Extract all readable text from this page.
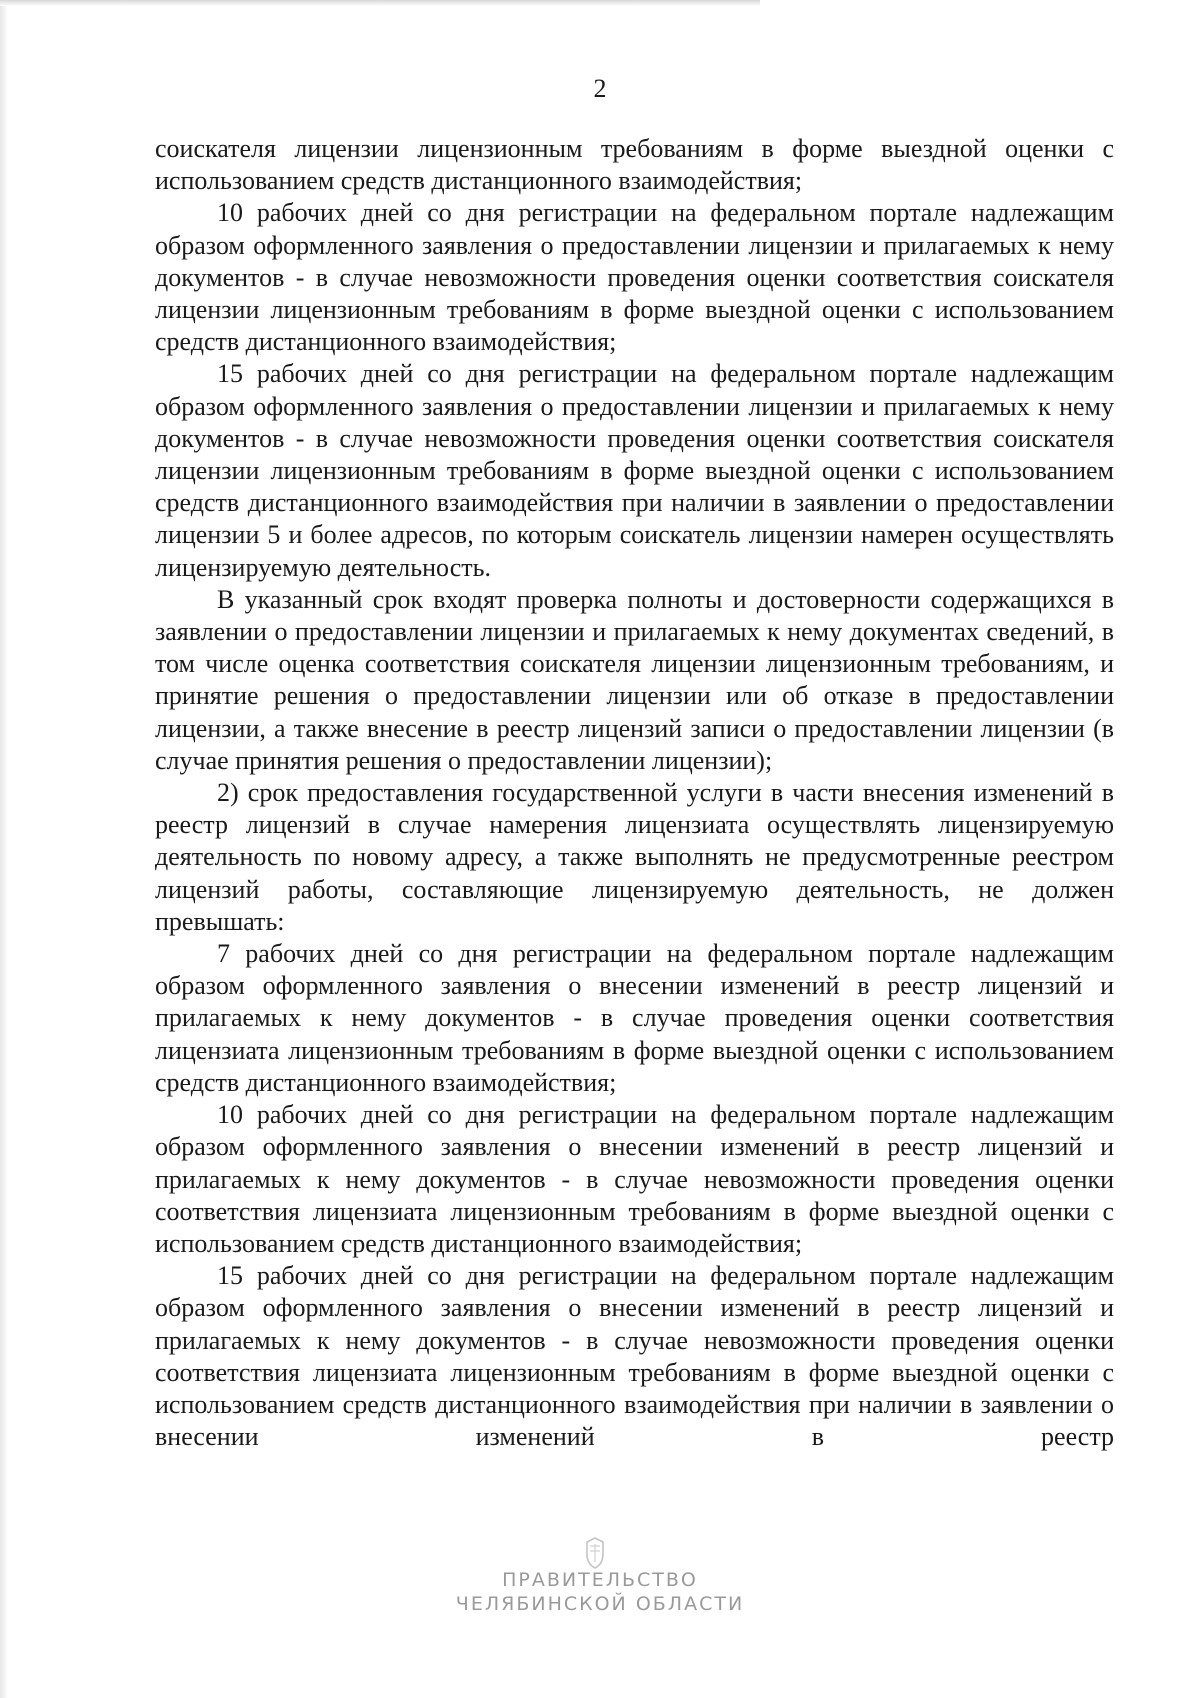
2

соискателя лицензии лицензионным требованиям в форме выездной оценки с использованием средств дистанционного взаимодействия;

10 рабочих дней со дня регистрации на федеральном портале надлежащим образом оформленного заявления о предоставлении лицензии и прилагаемых к нему документов - в случае невозможности проведения оценки соответствия соискателя лицензии лицензионным требованиям в форме выездной оценки с использованием средств дистанционного взаимодействия;

15 рабочих дней со дня регистрации на федеральном портале надлежащим образом оформленного заявления о предоставлении лицензии и прилагаемых к нему документов - в случае невозможности проведения оценки соответствия соискателя лицензии лицензионным требованиям в форме выездной оценки с использованием средств дистанционного взаимодействия при наличии в заявлении о предоставлении лицензии 5 и более адресов, по которым соискатель лицензии намерен осуществлять лицензируемую деятельность.

В указанный срок входят проверка полноты и достоверности содержащихся в заявлении о предоставлении лицензии и прилагаемых к нему документах сведений, в том числе оценка соответствия соискателя лицензии лицензионным требованиям, и принятие решения о предоставлении лицензии или об отказе в предоставлении лицензии, а также внесение в реестр лицензий записи о предоставлении лицензии (в случае принятия решения о предоставлении лицензии);

2) срок предоставления государственной услуги в части внесения изменений в реестр лицензий в случае намерения лицензиата осуществлять лицензируемую деятельность по новому адресу, а также выполнять не предусмотренные реестром лицензий работы, составляющие лицензируемую деятельность, не должен превышать:

7 рабочих дней со дня регистрации на федеральном портале надлежащим образом оформленного заявления о внесении изменений в реестр лицензий и прилагаемых к нему документов - в случае проведения оценки соответствия лицензиата лицензионным требованиям в форме выездной оценки с использованием средств дистанционного взаимодействия;

10 рабочих дней со дня регистрации на федеральном портале надлежащим образом оформленного заявления о внесении изменений в реестр лицензий и прилагаемых к нему документов - в случае невозможности проведения оценки соответствия лицензиата лицензионным требованиям в форме выездной оценки с использованием средств дистанционного взаимодействия;

15 рабочих дней со дня регистрации на федеральном портале надлежащим образом оформленного заявления о внесении изменений в реестр лицензий и прилагаемых к нему документов - в случае невозможности проведения оценки соответствия лицензиата лицензионным требованиям в форме выездной оценки с использованием средств дистанционного взаимодействия при наличии в заявлении о внесении изменений в реестр

ПРАВИТЕЛЬСТВО
ЧЕЛЯБИНСКОЙ ОБЛАСТИ
